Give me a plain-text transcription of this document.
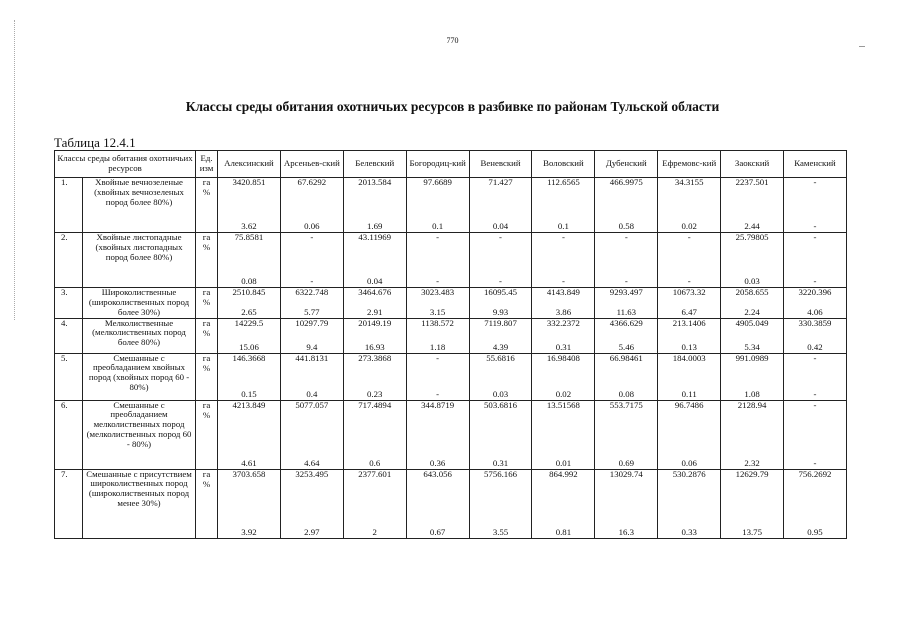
770
Классы среды обитания охотничьих ресурсов в разбивке по районам Тульской области
Таблица 12.4.1
Классы среды обитания охотничьих ресурсов		Ед. изм	Алексинский	Арсеньев-ский	Белевский	Богородиц-кий	Веневский	Воловский	Дубенский	Ефремовс-кий	Заокский	Каменский
1.	Хвойные вечнозеленые (хвойных вечнозеленых пород более 80%)	га	3420.851	67.6292	2013.584	97.6689	71.427	112.6565	466.9975	34.3155	2237.501	-
		%	3.62	0.06	1.69	0.1	0.04	0.1	0.58	0.02	2.44	-
2.	Хвойные листопадные (хвойных листопадных пород более 80%)	га	75.8581	-	43.11969	-	-	-	-	-	25.79805	-
		%	0.08	-	0.04	-	-	-	-	-	0.03	-
3.	Широколиственные (широколиственных пород более 30%)	га	2510.845	6322.748	3464.676	3023.483	16095.45	4143.849	9293.497	10673.32	2058.655	3220.396
		%	2.65	5.77	2.91	3.15	9.93	3.86	11.63	6.47	2.24	4.06
4.	Мелколиственные (мелколиственных пород более 80%)	га	14229.5	10297.79	20149.19	1138.572	7119.807	332.2372	4366.629	213.1406	4905.049	330.3859
		%	15.06	9.4	16.93	1.18	4.39	0.31	5.46	0.13	5.34	0.42
5.	Смешанные с преобладанием хвойных пород (хвойных пород 60 - 80%)	га	146.3668	441.8131	273.3868	-	55.6816	16.98408	66.98461	184.0003	991.0989	-
		%	0.15	0.4	0.23	-	0.03	0.02	0.08	0.11	1.08	-
6.	Смешанные с преобладанием мелколиственных пород (мелколиственных пород 60 - 80%)	га	4213.849	5077.057	717.4894	344.8719	503.6816	13.51568	553.7175	96.7486	2128.94	-
		%	4.61	4.64	0.6	0.36	0.31	0.01	0.69	0.06	2.32	-
7.	Смешанные с присутствием широколиственных пород (широколиственных пород менее 30%)	га	3703.658	3253.495	2377.601	643.056	5756.166	864.992	13029.74	530.2876	12629.79	756.2692
		%	3.92	2.97	2	0.67	3.55	0.81	16.3	0.33	13.75	0.95
